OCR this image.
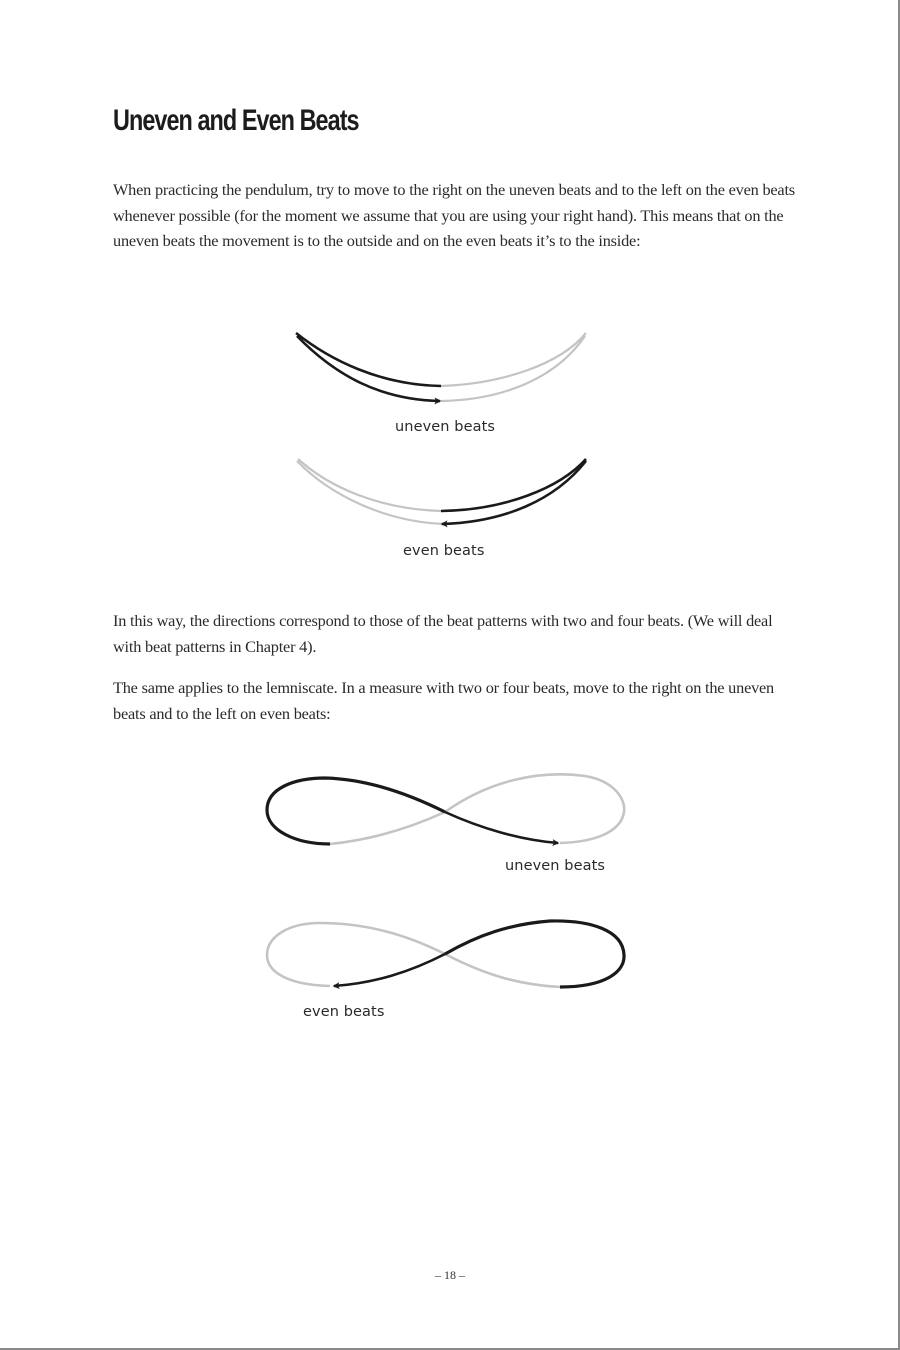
Uneven and Even Beats

When practicing the pendulum, try to move to the right on the uneven beats and to the left on the even beats whenever possible (for the moment we assume that you are using your right hand). This means that on the uneven beats the movement is to the outside and on the even beats it’s to the inside:

uneven beats
even beats

In this way, the directions correspond to those of the beat patterns with two and four beats. (We will deal with beat patterns in Chapter 4).

The same applies to the lemniscate. In a measure with two or four beats, move to the right on the uneven beats and to the left on even beats:

uneven beats
even beats
– 18 –
